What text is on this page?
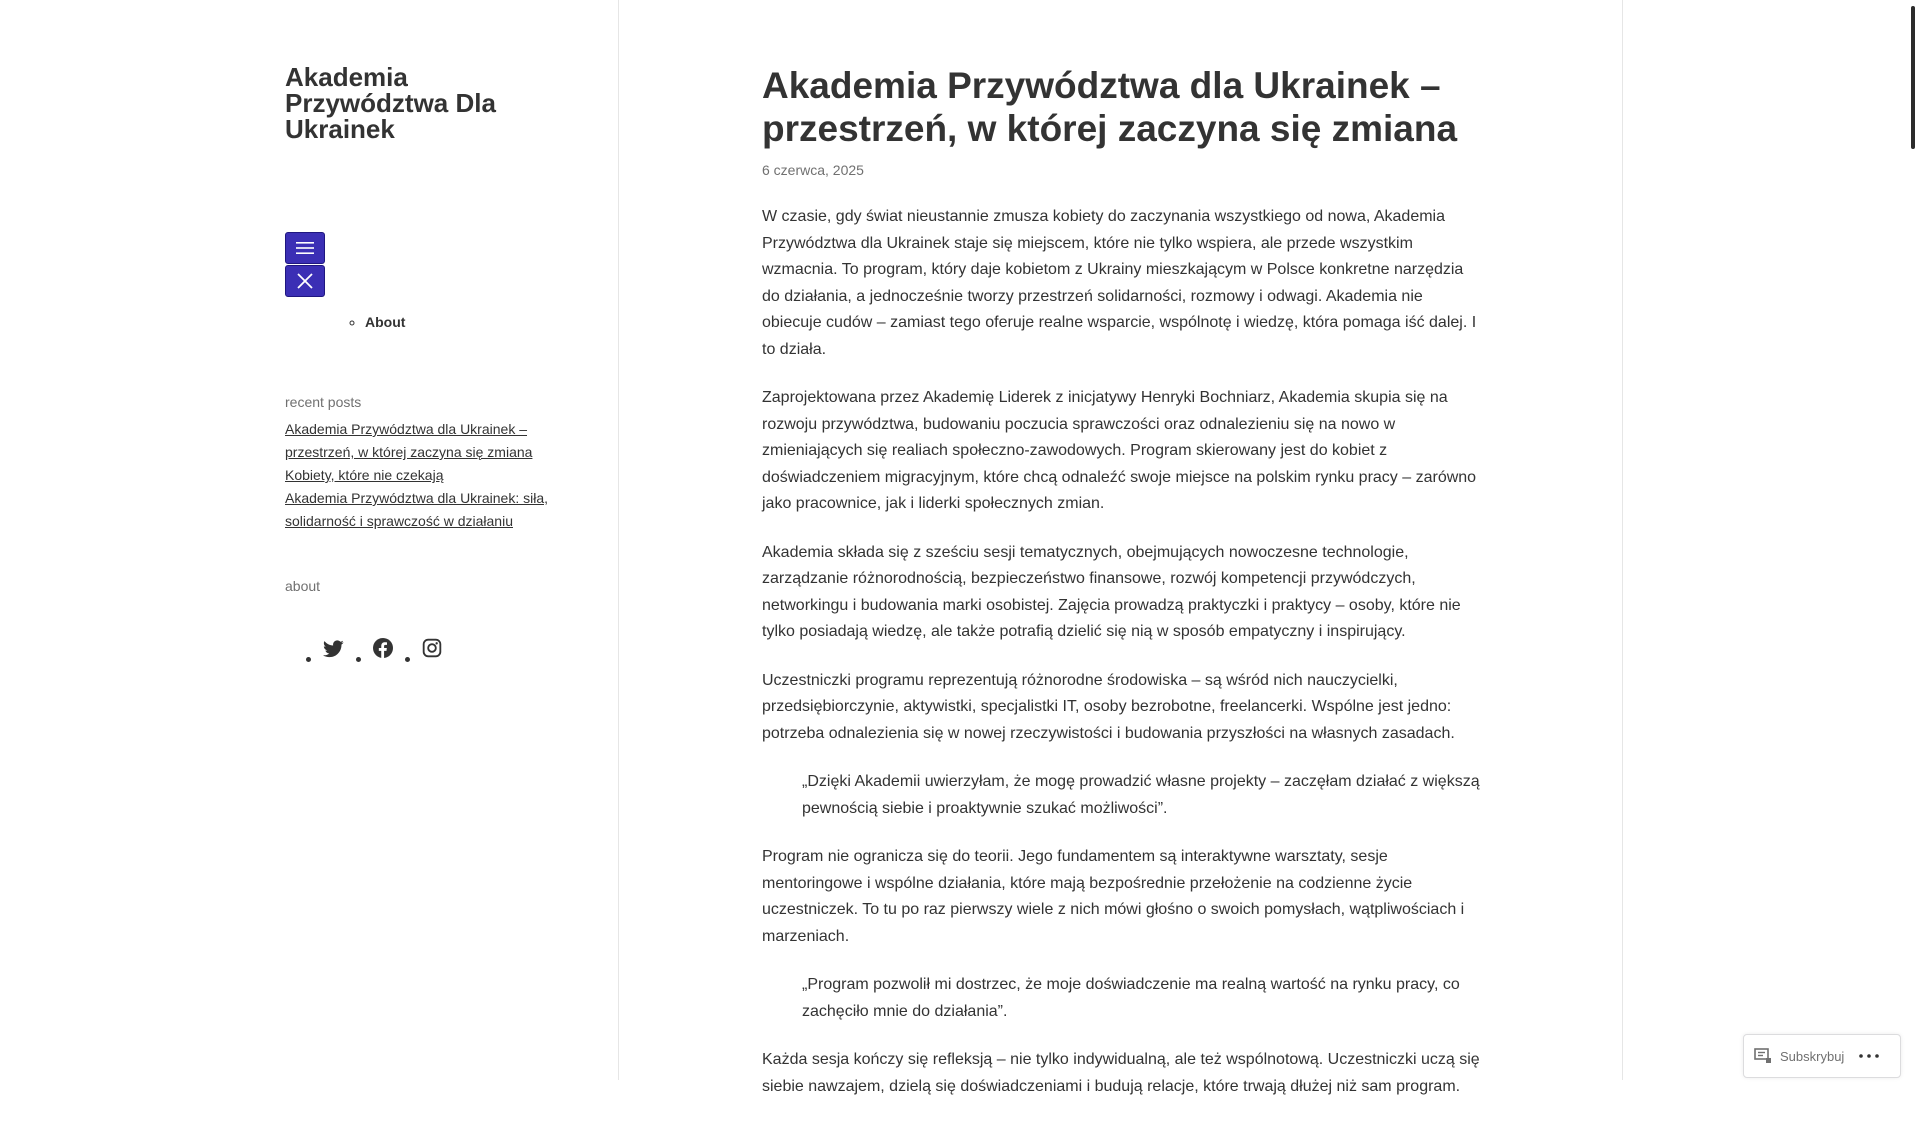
Akademia Przywództwa Dla Ukrainek
◦ About
recent posts
Akademia Przywództwa dla Ukrainek – przestrzeń, w której zaczyna się zmiana
Kobiety, które nie czekają
Akademia Przywództwa dla Ukrainek: siła, solidarność i sprawczość w działaniu
about
Akademia Przywództwa dla Ukrainek – przestrzeń, w której zaczyna się zmiana
6 czerwca, 2025

W czasie, gdy świat nieustannie zmusza kobiety do zaczynania wszystkiego od nowa, Akademia Przywództwa dla Ukrainek staje się miejscem, które nie tylko wspiera, ale przede wszystkim wzmacnia. To program, który daje kobietom z Ukrainy mieszkającym w Polsce konkretne narzędzia do działania, a jednocześnie tworzy przestrzeń solidarności, rozmowy i odwagi. Akademia nie obiecuje cudów – zamiast tego oferuje realne wsparcie, wspólnotę i wiedzę, która pomaga iść dalej. I to działa.

Zaprojektowana przez Akademię Liderek z inicjatywy Henryki Bochniarz, Akademia skupia się na rozwoju przywództwa, budowaniu poczucia sprawczości oraz odnalezieniu się na nowo w zmieniających się realiach społeczno-zawodowych. Program skierowany jest do kobiet z doświadczeniem migracyjnym, które chcą odnaleźć swoje miejsce na polskim rynku pracy – zarówno jako pracownice, jak i liderki społecznych zmian.

Akademia składa się z sześciu sesji tematycznych, obejmujących nowoczesne technologie, zarządzanie różnorodnością, bezpieczeństwo finansowe, rozwój kompetencji przywódczych, networkingu i budowania marki osobistej. Zajęcia prowadzą praktyczki i praktycy – osoby, które nie tylko posiadają wiedzę, ale także potrafią dzielić się nią w sposób empatyczny i inspirujący.

Uczestniczki programu reprezentują różnorodne środowiska – są wśród nich nauczycielki, przedsiębiorczynie, aktywistki, specjalistki IT, osoby bezrobotne, freelancerki. Wspólne jest jedno: potrzeba odnalezienia się w nowej rzeczywistości i budowania przyszłości na własnych zasadach.

„Dzięki Akademii uwierzyłam, że mogę prowadzić własne projekty – zaczęłam działać z większą pewnością siebie i proaktywnie szukać możliwości”.

Program nie ogranicza się do teorii. Jego fundamentem są interaktywne warsztaty, sesje mentoringowe i wspólne działania, które mają bezpośrednie przełożenie na codzienne życie uczestniczek. To tu po raz pierwszy wiele z nich mówi głośno o swoich pomysłach, wątpliwościach i marzeniach.

„Program pozwolił mi dostrzec, że moje doświadczenie ma realną wartość na rynku pracy, co zachęciło mnie do działania”.

Każda sesja kończy się refleksją – nie tylko indywidualną, ale też wspólnotową. Uczestniczki uczą się siebie nawzajem, dzielą się doświadczeniami i budują relacje, które trwają dłużej niż sam program.

Subskrybuj
